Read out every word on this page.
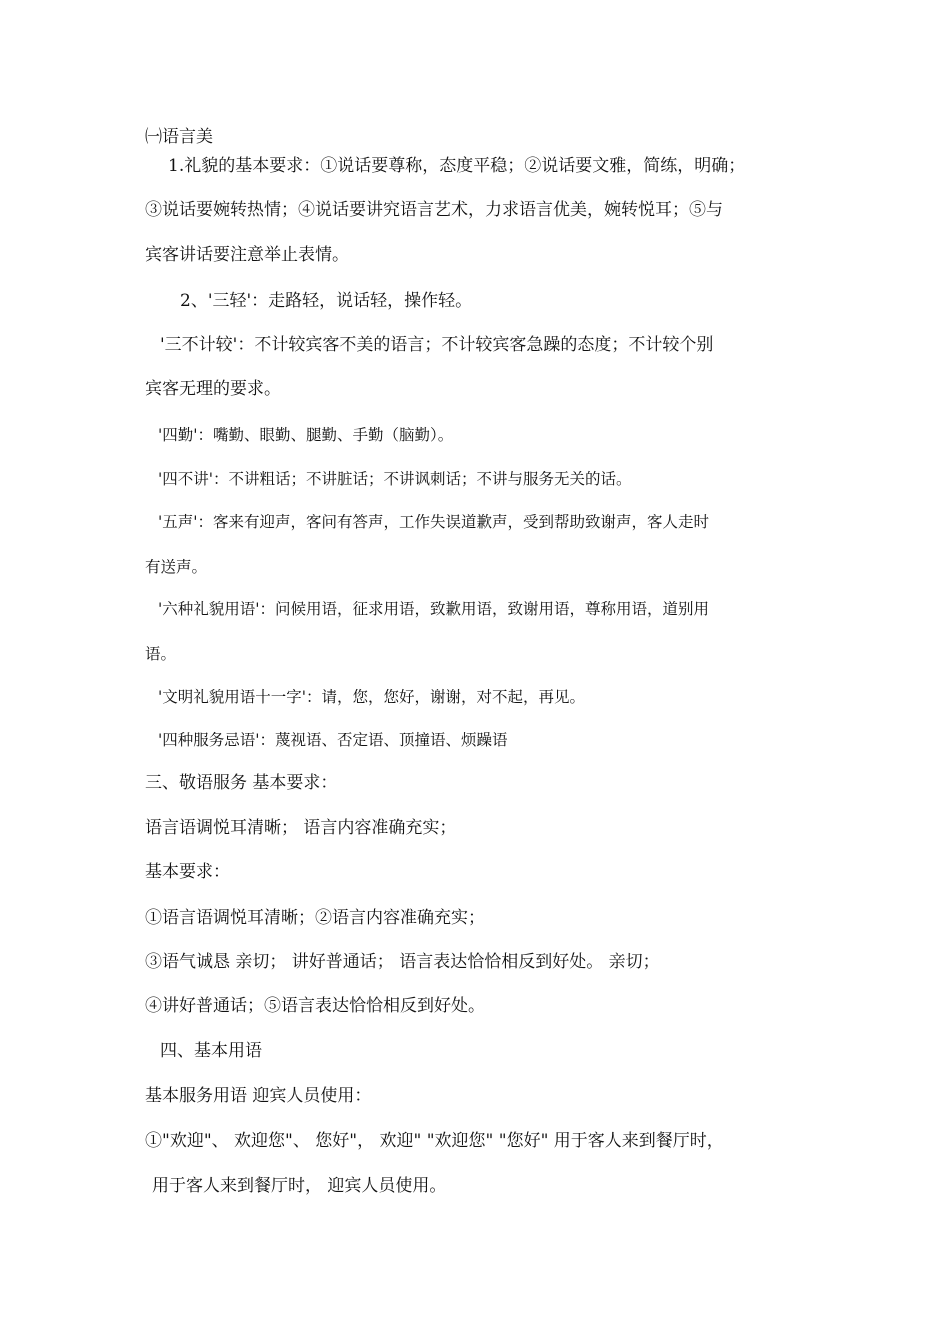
㈠语言美
1.礼貌的基本要求：①说话要尊称，态度平稳；②说话要文雅，简练，明确；
③说话要婉转热情；④说话要讲究语言艺术，力求语言优美，婉转悦耳；⑤与
宾客讲话要注意举止表情。
2、'三轻'：走路轻，说话轻，操作轻。
'三不计较'：不计较宾客不美的语言；不计较宾客急躁的态度；不计较个别
宾客无理的要求。
'四勤'：嘴勤、眼勤、腿勤、手勤（脑勤）。
'四不讲'：不讲粗话；不讲脏话；不讲讽刺话；不讲与服务无关的话。
'五声'：客来有迎声，客问有答声，工作失误道歉声，受到帮助致谢声，客人走时
有送声。
'六种礼貌用语'：问候用语，征求用语，致歉用语，致谢用语，尊称用语，道别用
语。
'文明礼貌用语十一字'：请，您，您好，谢谢，对不起，再见。
'四种服务忌语'：蔑视语、否定语、顶撞语、烦躁语
三、敬语服务 基本要求：
语言语调悦耳清晰； 语言内容准确充实；
基本要求：
①语言语调悦耳清晰；②语言内容准确充实；
③语气诚恳 亲切； 讲好普通话； 语言表达恰恰相反到好处。 亲切；
④讲好普通话；⑤语言表达恰恰相反到好处。
四、基本用语
基本服务用语 迎宾人员使用：
①"欢迎"、 欢迎您"、 您好"， 欢迎" "欢迎您" "您好" 用于客人来到餐厅时，
用于客人来到餐厅时， 迎宾人员使用。
